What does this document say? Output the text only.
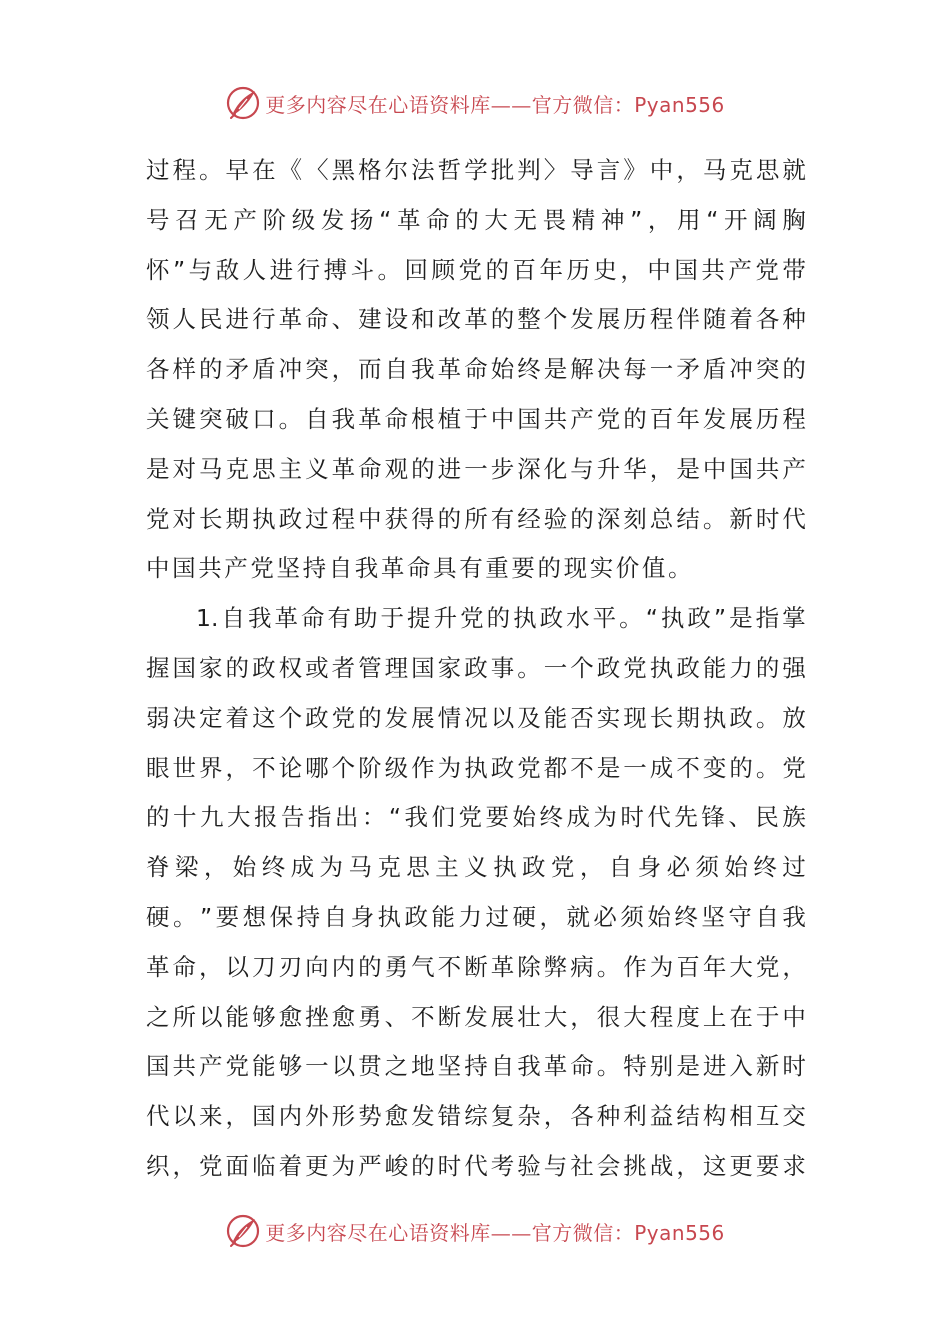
更多内容尽在心语资料库——官方微信：Pyan556
过 程 。 早 在 《 〈 黑 格 尔 法 哲 学 批 判 〉 导 言 》 中 ， 马 克 思 就
号 召 无 产 阶 级 发 扬 “ 革 命 的 大 无 畏 精 神 ” ， 用 “ 开 阔 胸
怀 ” 与 敌 人 进 行 搏 斗 。 回 顾 党 的 百 年 历 史 ， 中 国 共 产 党 带
领 人 民 进 行 革 命 、 建 设 和 改 革 的 整 个 发 展 历 程 伴 随 着 各 种
各 样 的 矛 盾 冲 突 ， 而 自 我 革 命 始 终 是 解 决 每 一 矛 盾 冲 突 的
关 键 突 破 口 。 自 我 革 命 根 植 于 中 国 共 产 党 的 百 年 发 展 历 程
是 对 马 克 思 主 义 革 命 观 的 进 一 步 深 化 与 升 华 ， 是 中 国 共 产
党 对 长 期 执 政 过 程 中 获 得 的 所 有 经 验 的 深 刻 总 结 。 新 时 代
中国共产党坚持自我革命具有重要的现实价值。
1. 自 我 革 命 有 助 于 提 升 党 的 执 政 水 平 。 “ 执 政 ” 是 指 掌
握 国 家 的 政 权 或 者 管 理 国 家 政 事 。 一 个 政 党 执 政 能 力 的 强
弱 决 定 着 这 个 政 党 的 发 展 情 况 以 及 能 否 实 现 长 期 执 政 。 放
眼 世 界 ， 不 论 哪 个 阶 级 作 为 执 政 党 都 不 是 一 成 不 变 的 。 党
的 十 九 大 报 告 指 出 ： “ 我 们 党 要 始 终 成 为 时 代 先 锋 、 民 族
脊 梁 ， 始 终 成 为 马 克 思 主 义 执 政 党 ， 自 身 必 须 始 终 过
硬 。 ” 要 想 保 持 自 身 执 政 能 力 过 硬 ， 就 必 须 始 终 坚 守 自 我
革 命 ， 以 刀 刃 向 内 的 勇 气 不 断 革 除 弊 病 。 作 为 百 年 大 党 ，
之 所 以 能 够 愈 挫 愈 勇 、 不 断 发 展 壮 大 ， 很 大 程 度 上 在 于 中
国 共 产 党 能 够 一 以 贯 之 地 坚 持 自 我 革 命 。 特 别 是 进 入 新 时
代 以 来 ， 国 内 外 形 势 愈 发 错 综 复 杂 ， 各 种 利 益 结 构 相 互 交
织 ， 党 面 临 着 更 为 严 峻 的 时 代 考 验 与 社 会 挑 战 ， 这 更 要 求
更多内容尽在心语资料库——官方微信：Pyan556
